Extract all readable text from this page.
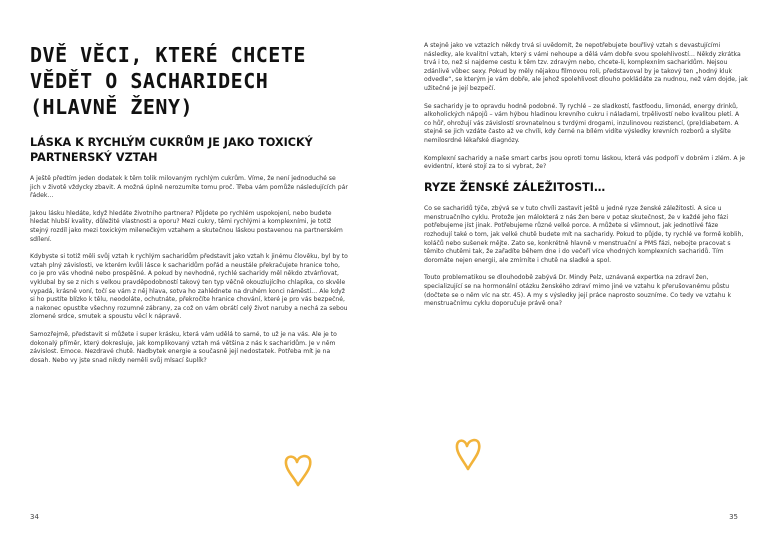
DVĚ VĚCI, KTERÉ CHCETE VĚDĚT O SACHARIDECH (HLAVNĚ ŽENY)
LÁSKA K RYCHLÝM CUKRŮM JE JAKO TOXICKÝ PARTNERSKÝ VZTAH

A ještě předtím jeden dodatek k těm tolik milovaným rychlým cukrům. Víme, že není jednoduché se jich v životě vždycky zbavit. A možná úplně nerozumíte tomu proč. Třeba vám pomůže následujících pár řádek…

Jakou lásku hledáte, když hledáte životního partnera? Půjdete po rychlém uspokojení, nebo budete hledat hlubší kvality, důležité vlastnosti a oporu? Mezi cukry, těmi rychlými a komplexními, je totiž stejný rozdíl jako mezi toxickým milenečkým vztahem a skutečnou láskou postavenou na partnerském sdílení.

Kdybyste si totiž měli svůj vztah k rychlým sacharidům představit jako vztah k jinému člověku, byl by to vztah plný závislosti, ve kterém kvůli lásce k sacharidům pořád a neustále překračujete hranice toho, co je pro vás vhodné nebo prospěšné. A pokud by nevhodné, rychlé sacharidy měl někdo ztvárňovat, vyklubal by se z nich s velkou pravděpodobností takový ten typ věčně okouzlujícího chlapíka, co skvěle vypadá, krásně voní, točí se vám z něj hlava, sotva ho zahlédnete na druhém konci náměstí… Ale když si ho pustíte blízko k tělu, neodoláte, ochutnáte, překročíte hranice chování, které je pro vás bezpečné, a nakonec opustíte všechny rozumné zábrany, za což on vám obrátí celý život naruby a nechá za sebou zlomené srdce, smutek a spoustu věcí k nápravě.

Samozřejmě, představit si můžete i super krásku, která vám udělá to samé, to už je na vás. Ale je to dokonalý příměr, který dokresluje, jak komplikovaný vztah má většina z nás k sacharidům. Je v něm závislost. Emoce. Nezdravé chutě. Nadbytek energie a současně její nedostatek. Potřeba mít je na dosah. Nebo vy jste snad nikdy neměli svůj mlsací šuplík?

34

A stejně jako ve vztazích někdy trvá si uvědomit, že nepotřebujete bouřlivý vztah s devastujícími následky, ale kvalitní vztah, který s vámi nehoupe a dělá vám dobře svou spolehlivostí… Někdy zkrátka trvá i to, než si najdeme cestu k těm tzv. zdravým nebo, chcete-li, komplexním sacharidům. Nejsou zdánlivě vůbec sexy. Pokud by měly nějakou filmovou roli, představoval by je takový ten „hodný kluk odvedle“, se kterým je vám dobře, ale jehož spolehlivost dlouho pokládáte za nudnou, než vám dojde, jak užitečné je její bezpečí.

Se sacharidy je to opravdu hodně podobné. Ty rychlé – ze sladkostí, fastfoodu, limonád, energy drinků, alkoholických nápojů – vám hýbou hladinou krevního cukru i náladami, trpělivostí nebo kvalitou pletí. A co hůř, ohrožují vás závislostí srovnatelnou s tvrdými drogami, inzulinovou rezistencí, (pre)diabetem. A stejně se jich vzdáte často až ve chvíli, kdy černé na bílém vidíte výsledky krevních rozborů a slyšíte nemilosrdné lékařské diagnózy.

Komplexní sacharidy a naše smart carbs jsou oproti tomu láskou, která vás podpoří v dobrém i zlém. A je evidentní, které stojí za to si vybrat, že?

RYZE ŽENSKÉ ZÁLEŽITOSTI…

Co se sacharidů týče, zbývá se v tuto chvíli zastavit ještě u jedné ryze ženské záležitosti. A sice u menstruačního cyklu. Protože jen málokterá z nás žen bere v potaz skutečnost, že v každé jeho fázi potřebujeme jíst jinak. Potřebujeme různé velké porce. A můžete si všimnout, jak jednotlivé fáze rozhodují také o tom, jak velké chutě budete mít na sacharidy. Pokud to půjde, ty rychlé ve formě koblih, koláčů nebo sušenek mějte. Zato se, konkrétně hlavně v menstruační a PMS fázi, nebojte pracovat s těmito chutěmi tak, že zařadíte během dne i do večeří více vhodných komplexních sacharidů. Tím doromáte nejen energii, ale zmírníte i chutě na sladké a spol.

Touto problematikou se dlouhodobě zabývá Dr. Mindy Pelz, uznávaná expertka na zdraví žen, specializující se na hormonální otázku ženského zdraví mimo jiné ve vztahu k přerušovanému půstu (dočtete se o něm víc na str. 45). A my s výsledky její práce naprosto souzníme. Co tedy ve vztahu k menstruačnímu cyklu doporučuje právě ona?

35
